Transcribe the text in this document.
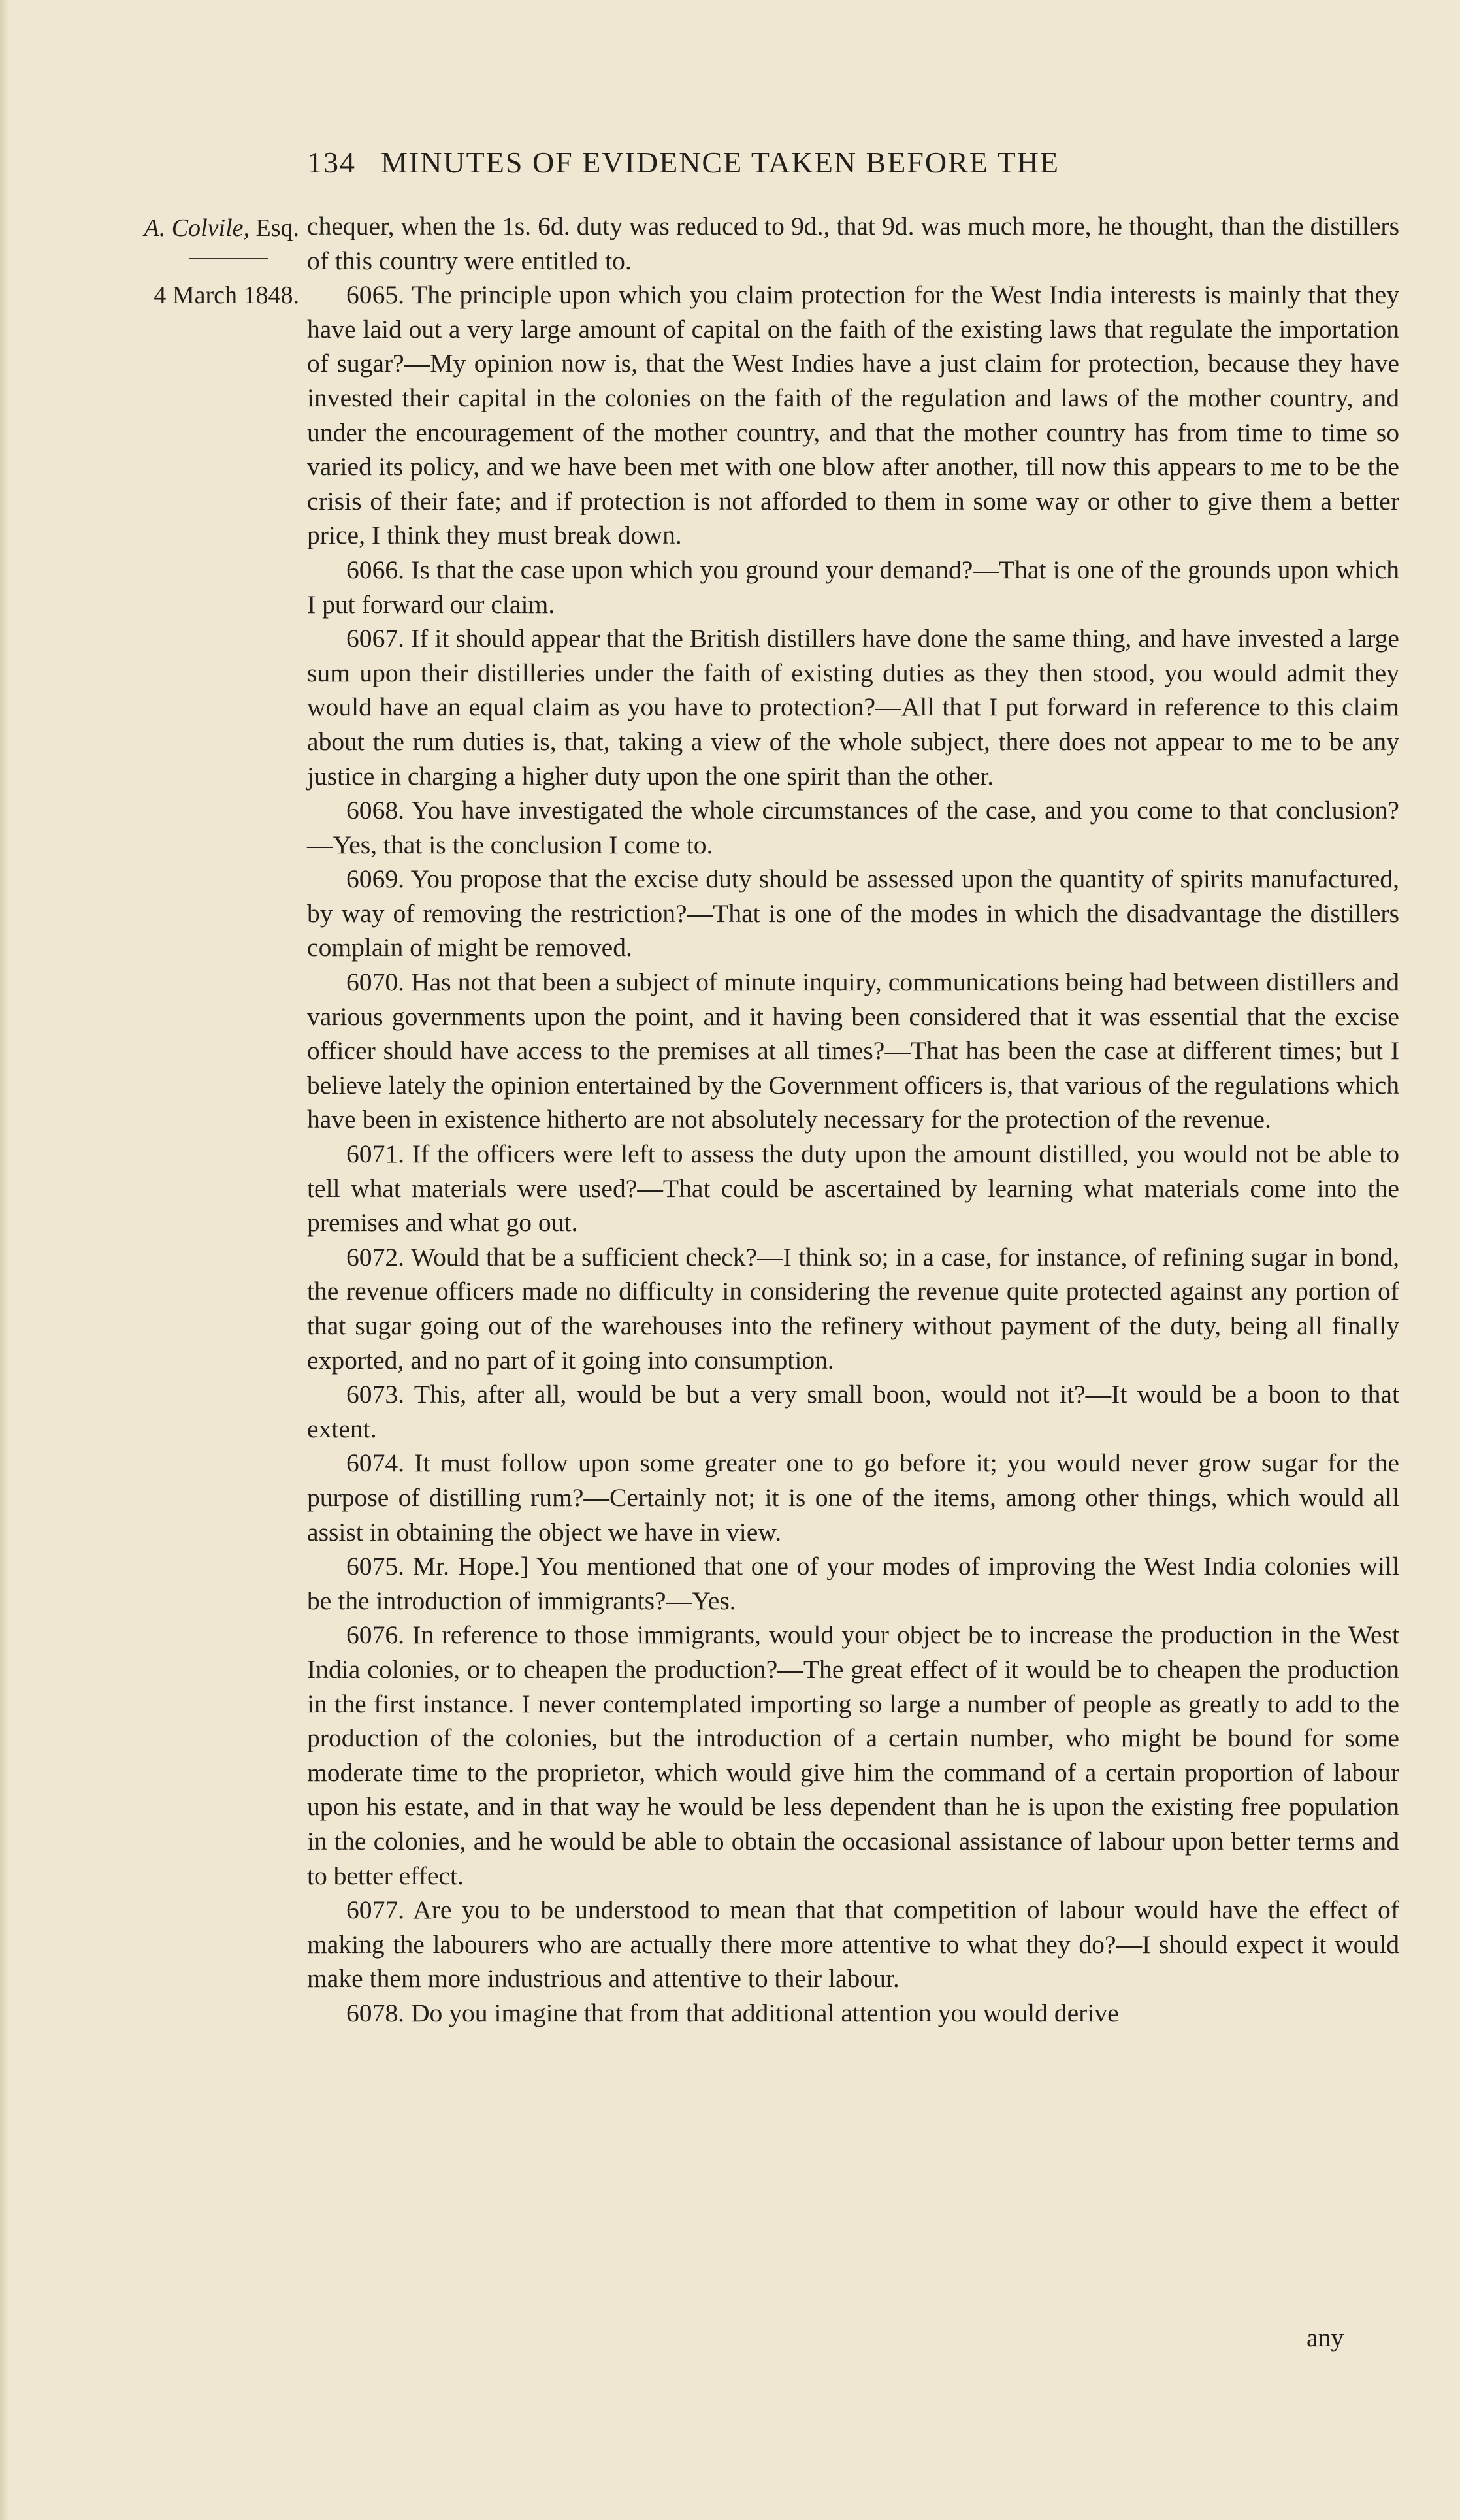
134 MINUTES OF EVIDENCE TAKEN BEFORE THE
A. Colvile, Esq.
4 March 1848.

chequer, when the 1s. 6d. duty was reduced to 9d., that 9d. was much more, he thought, than the distillers of this country were entitled to.

6065. The principle upon which you claim protection for the West India interests is mainly that they have laid out a very large amount of capital on the faith of the existing laws that regulate the importation of sugar?—My opinion now is, that the West Indies have a just claim for protection, because they have invested their capital in the colonies on the faith of the regulation and laws of the mother country, and under the encouragement of the mother country, and that the mother country has from time to time so varied its policy, and we have been met with one blow after another, till now this appears to me to be the crisis of their fate; and if protection is not afforded to them in some way or other to give them a better price, I think they must break down.

6066. Is that the case upon which you ground your demand?—That is one of the grounds upon which I put forward our claim.

6067. If it should appear that the British distillers have done the same thing, and have invested a large sum upon their distilleries under the faith of existing duties as they then stood, you would admit they would have an equal claim as you have to protection?—All that I put forward in reference to this claim about the rum duties is, that, taking a view of the whole subject, there does not appear to me to be any justice in charging a higher duty upon the one spirit than the other.

6068. You have investigated the whole circumstances of the case, and you come to that conclusion?—Yes, that is the conclusion I come to.

6069. You propose that the excise duty should be assessed upon the quantity of spirits manufactured, by way of removing the restriction?—That is one of the modes in which the disadvantage the distillers complain of might be removed.

6070. Has not that been a subject of minute inquiry, communications being had between distillers and various governments upon the point, and it having been considered that it was essential that the excise officer should have access to the premises at all times?—That has been the case at different times; but I believe lately the opinion entertained by the Government officers is, that various of the regulations which have been in existence hitherto are not absolutely necessary for the protection of the revenue.

6071. If the officers were left to assess the duty upon the amount distilled, you would not be able to tell what materials were used?—That could be ascertained by learning what materials come into the premises and what go out.

6072. Would that be a sufficient check?—I think so; in a case, for instance, of refining sugar in bond, the revenue officers made no difficulty in considering the revenue quite protected against any portion of that sugar going out of the warehouses into the refinery without payment of the duty, being all finally exported, and no part of it going into consumption.

6073. This, after all, would be but a very small boon, would not it?—It would be a boon to that extent.

6074. It must follow upon some greater one to go before it; you would never grow sugar for the purpose of distilling rum?—Certainly not; it is one of the items, among other things, which would all assist in obtaining the object we have in view.

6075. Mr. Hope.] You mentioned that one of your modes of improving the West India colonies will be the introduction of immigrants?—Yes.

6076. In reference to those immigrants, would your object be to increase the production in the West India colonies, or to cheapen the production?—The great effect of it would be to cheapen the production in the first instance. I never contemplated importing so large a number of people as greatly to add to the production of the colonies, but the introduction of a certain number, who might be bound for some moderate time to the proprietor, which would give him the command of a certain proportion of labour upon his estate, and in that way he would be less dependent than he is upon the existing free population in the colonies, and he would be able to obtain the occasional assistance of labour upon better terms and to better effect.

6077. Are you to be understood to mean that that competition of labour would have the effect of making the labourers who are actually there more attentive to what they do?—I should expect it would make them more industrious and attentive to their labour.

6078. Do you imagine that from that additional attention you would derive

any
